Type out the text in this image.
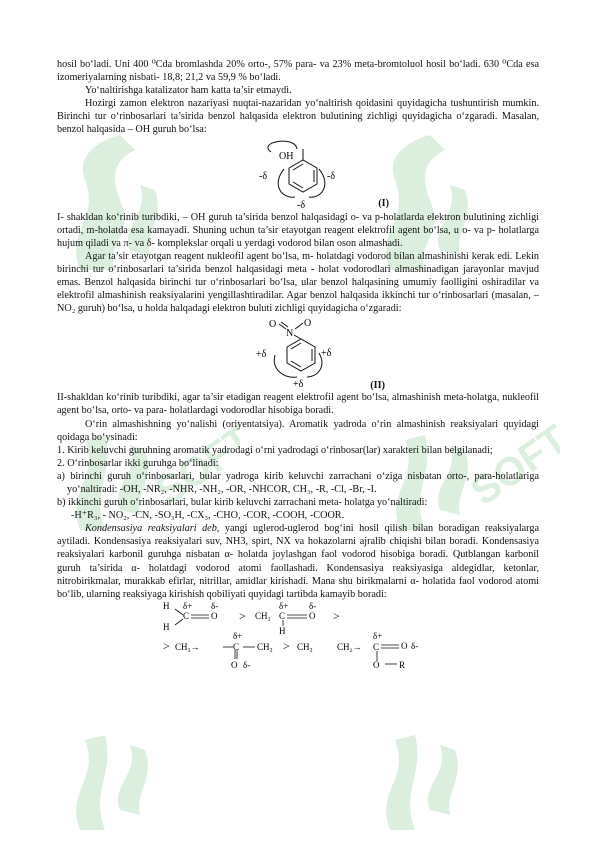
SOFT	SOFT

hosil bo‘ladi. Uni 400 ⁰Cda bromlashda 20% orto-, 57% para- va 23% meta-bromtoluol hosil bo‘ladi. 630 ⁰Cda esa izomeriyalarning nisbati- 18,8; 21,2 va 59,9 % bo‘ladi.

Yo‘naltirishga katalizator ham katta ta’sir etmaydi.

Hozirgi zamon elektron nazariyasi nuqtai-nazaridan yo‘naltirish qoidasini quyidagicha tushuntirish mumkin. Birinchi tur o‘rinbosarlari ta’sirida benzol halqasida elektron bulutining zichligi quyidagicha o‘zgaradi. Masalan, benzol halqasida – OH guruh bo‘lsa:

OH
-δ	-δ
-δ	(I)

I- shakldan ko‘rinib turibdiki, – OH guruh ta’sirida benzol halqasidagi o- va p-holatlarda elektron bulutining zichligi ortadi, m-holatda esa kamayadi. Shuning uchun ta’sir etayotgan reagent elektrofil agent bo‘lsa, u o- va p- holatlarga hujum qiladi va π- va δ- komplekslar orqali u yerdagi vodorod bilan oson almashadi.

Agar ta’sir etayotgan reagent nukleofil agent bo‘lsa, m- holatdagi vodorod bilan almashinishi kerak edi. Lekin birinchi tur o‘rinbosarlari ta’sirida benzol halqasidagi meta - holat vodorodlari almashinadigan jarayonlar mavjud emas. Benzol halqasida birinchi tur o‘rinbosarlari bo‘lsa, ular benzol halqasining umumiy faolligini oshiradilar va elektrofil almashinish reaksiyalarini yengillashtiradilar. Agar benzol halqasida ikkinchi tur o‘rinbosarlari (masalan, – NO₂ guruh) bo‘lsa, u holda halqadagi elektron buluti zichligi quyidagicha o‘zgaradi:

O	O
N
+δ	+δ
+δ	(II)

II-shakldan ko‘rinib turibdiki, agar ta’sir etadigan reagent elektrofil agent bo‘lsa, almashinish meta-holatga, nukleofil agent bo‘lsa, orto- va para- holatlardagi vodorodlar hisobiga boradi.

O‘rin almashishning yo‘nalishi (oriyentatsiya). Aromatik yadroda o‘rin almashinish reaksiyalari quyidagi qoidaga bo‘ysinadi:

1. Kirib keluvchi guruhning aromatik yadrodagi o‘rni yadrodagi o‘rinbosar(lar) xarakteri bilan belgilanadi;

2. O‘rinbosarlar ikki guruhga bo‘linadi:

a) birinchi guruh o‘rinbosarlari, bular yadroga kirib keluvchi zarrachani o‘ziga nisbatan orto-, para-holatlariga yo‘naltiradi: -OH, -NR₂, -NHR, -NH₂, -OR, -NHCOR, CH₃, -R, -Cl, -Br, -I.

b) ikkinchi guruh o‘rinbosarlari, bular kirib keluvchi zarrachani meta- holatga yo‘naltiradi:

-H⁺R₃, - NO₂, -CN, -SO₃H, -CX₃, -CHO, -COR, -COOH, -COOR.

Kondensasiya reaksiyalari deb, yangi uglerod-uglerod bog‘ini hosil qilish bilan boradigan reaksiyalarga aytiladi. Kondensasiya reaksiyalari suv, NH3, spirt, NX va hokazolarni ajralib chiqishi bilan boradi. Kondensasiya reaksiyalari karbonil guruhga nisbatan α- holatda joylashgan faol vodorod hisobiga boradi. Qutblangan karbonil guruh ta’sirida α- holatdagi vodorod atomi faollashadi. Kondensasiya reaksiyasiga aldegidlar, ketonlar, nitrobirikmalar, murakkab efirlar, nitrillar, amidlar kirishadi. Mana shu birikmalarni α- holatida faol vodorod atomi bo‘lib, ularning reaksiyaga kirishish qobiliyati quyidagi tartibda kamayib boradi:

H
H
C O
δ+ δ-
> CH₃ C
δ+
O
δ-
H
>
> CH₃→	C
δ+
CH₃
O δ-
> CH₃	CH₂→ C
δ+
O δ-
O R
